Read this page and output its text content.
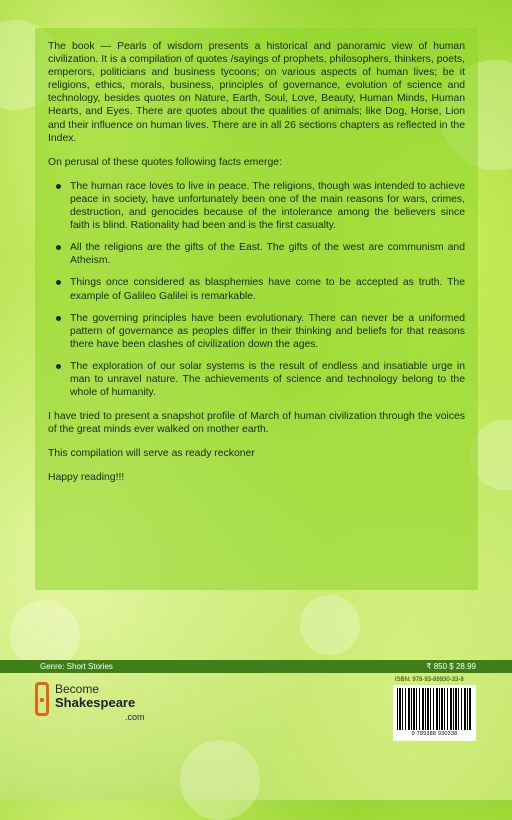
The book — Pearls of wisdom presents a historical and panoramic view of human civilization. It is a compilation of quotes /sayings of prophets, philosophers, thinkers, poets, emperors, politicians and business tycoons; on various aspects of human lives; be it religions, ethics, morals, business, principles of governance, evolution of science and technology, besides quotes on Nature, Earth, Soul, Love, Beauty, Human Minds, Human Hearts, and Eyes. There are quotes about the qualities of animals; like Dog, Horse, Lion and their influence on human lives. There are in all 26 sections chapters as reflected in the Index.

On perusal of these quotes following facts emerge:

The human race loves to live in peace. The religions, though was intended to achieve peace in society, have unfortunately been one of the main reasons for wars, crimes, destruction, and genocides because of the intolerance among the believers since faith is blind. Rationality had been and is the first casualty.
All the religions are the gifts of the East. The gifts of the west are communism and Atheism.
Things once considered as blasphemies have come to be accepted as truth. The example of Galileo Galilei is remarkable.
The governing principles have been evolutionary. There can never be a uniformed pattern of governance as peoples differ in their thinking and beliefs for that reasons there have been clashes of civilization down the ages.
The exploration of our solar systems is the result of endless and insatiable urge in man to unravel nature. The achievements of science and technology belong to the whole of humanity.

I have tried to present a snapshot profile of March of human civilization through the voices of the great minds ever walked on mother earth.

This compilation will serve as ready reckoner

Happy reading!!!

Genre: Short Stories	₹ 850 $ 28.99
Become
Shakespeare
.com
ISBN: 978-93-88930-33-8
9 789388 930338
